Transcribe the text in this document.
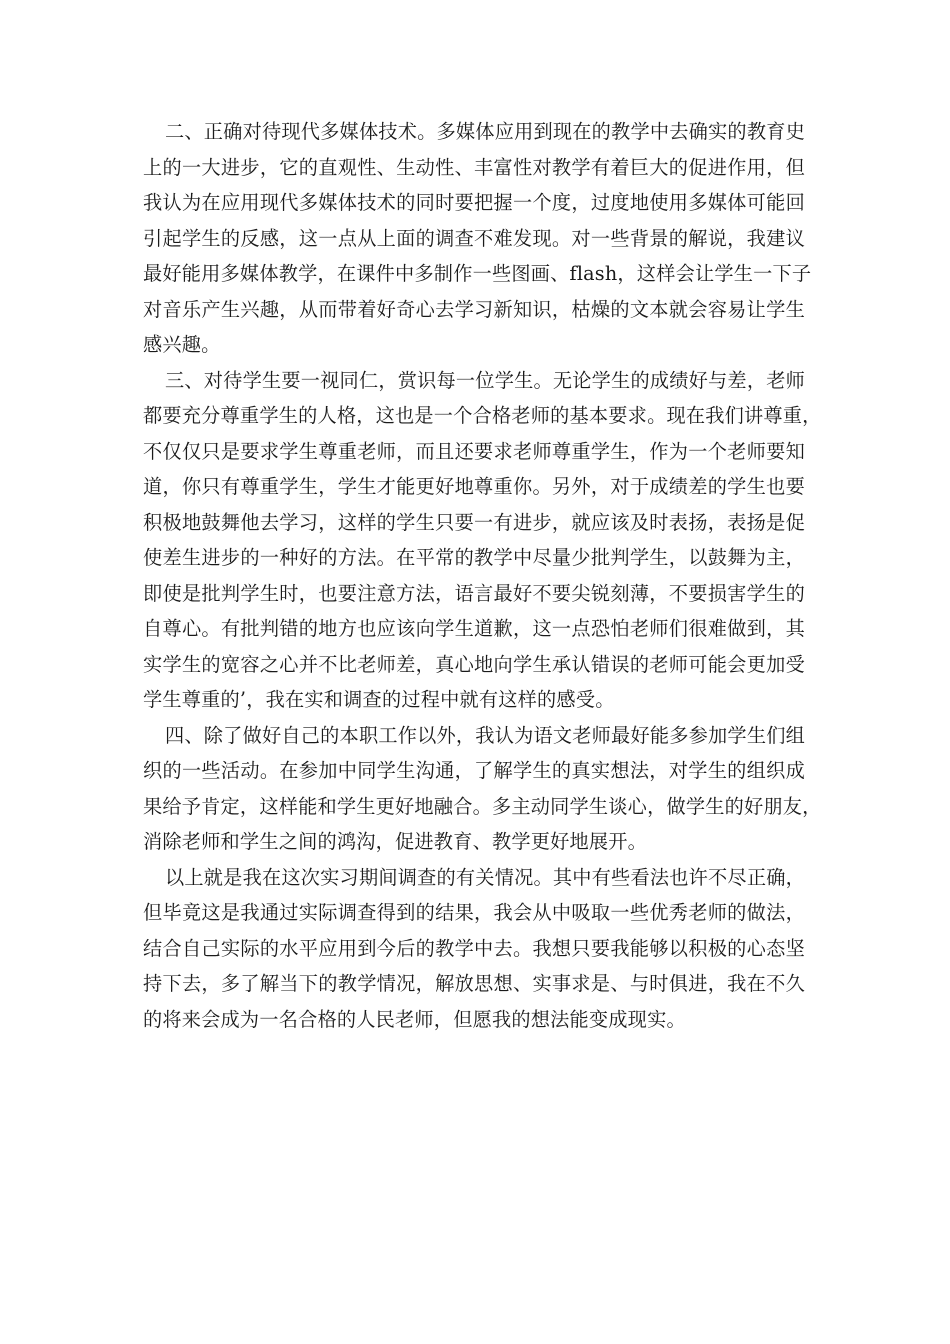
二、正确对待现代多媒体技术。多媒体应用到现在的教学中去确实的教育史
上的一大进步，它的直观性、生动性、丰富性对教学有着巨大的促进作用，但
我认为在应用现代多媒体技术的同时要把握一个度，过度地使用多媒体可能回
引起学生的反感，这一点从上面的调查不难发现。对一些背景的解说，我建议
最好能用多媒体教学，在课件中多制作一些图画、flash，这样会让学生一下子
对音乐产生兴趣，从而带着好奇心去学习新知识，枯燥的文本就会容易让学生
感兴趣。

三、对待学生要一视同仁，赏识每一位学生。无论学生的成绩好与差，老师
都要充分尊重学生的人格，这也是一个合格老师的基本要求。现在我们讲尊重，
不仅仅只是要求学生尊重老师，而且还要求老师尊重学生，作为一个老师要知
道，你只有尊重学生，学生才能更好地尊重你。另外，对于成绩差的学生也要
积极地鼓舞他去学习，这样的学生只要一有进步，就应该及时表扬，表扬是促
使差生进步的一种好的方法。在平常的教学中尽量少批判学生，以鼓舞为主，
即使是批判学生时，也要注意方法，语言最好不要尖锐刻薄，不要损害学生的
自尊心。有批判错的地方也应该向学生道歉，这一点恐怕老师们很难做到，其
实学生的宽容之心并不比老师差，真心地向学生承认错误的老师可能会更加受
学生尊重的’，我在实和调查的过程中就有这样的感受。

四、除了做好自己的本职工作以外，我认为语文老师最好能多参加学生们组
织的一些活动。在参加中同学生沟通，了解学生的真实想法，对学生的组织成
果给予肯定，这样能和学生更好地融合。多主动同学生谈心，做学生的好朋友，
消除老师和学生之间的鸿沟，促进教育、教学更好地展开。

以上就是我在这次实习期间调查的有关情况。其中有些看法也许不尽正确，
但毕竟这是我通过实际调查得到的结果，我会从中吸取一些优秀老师的做法，
结合自己实际的水平应用到今后的教学中去。我想只要我能够以积极的心态坚
持下去，多了解当下的教学情况，解放思想、实事求是、与时俱进，我在不久
的将来会成为一名合格的人民老师，但愿我的想法能变成现实。
